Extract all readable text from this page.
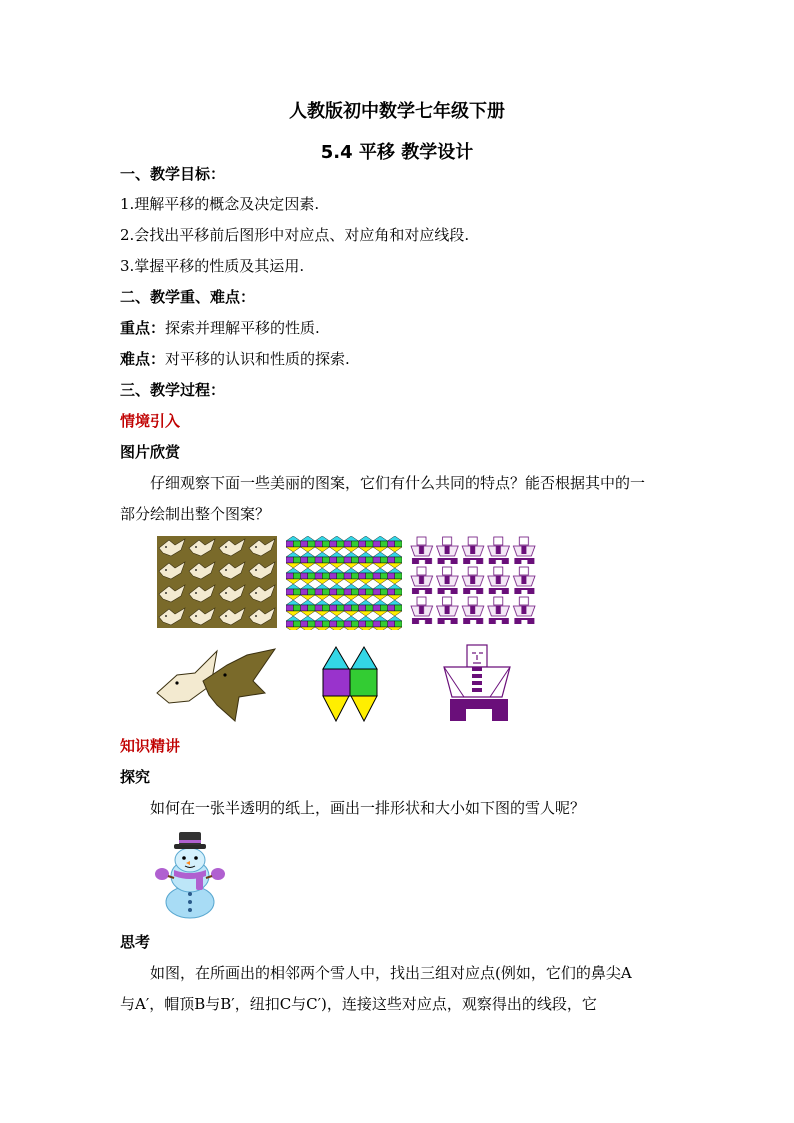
人教版初中数学七年级下册
5.4 平移 教学设计
一、教学目标：
1.理解平移的概念及决定因素.
2.会找出平移前后图形中对应点、对应角和对应线段.
3.掌握平移的性质及其运用.
二、教学重、难点：
重点：探索并理解平移的性质.
难点：对平移的认识和性质的探索.
三、教学过程：
情境引入
图片欣赏
仔细观察下面一些美丽的图案，它们有什么共同的特点？能否根据其中的一
部分绘制出整个图案？
知识精讲
探究
如何在一张半透明的纸上，画出一排形状和大小如下图的雪人呢？
思考
如图，在所画出的相邻两个雪人中，找出三组对应点(例如，它们的鼻尖A
与A′，帽顶B与B′，纽扣C与C′)，连接这些对应点，观察得出的线段，它
